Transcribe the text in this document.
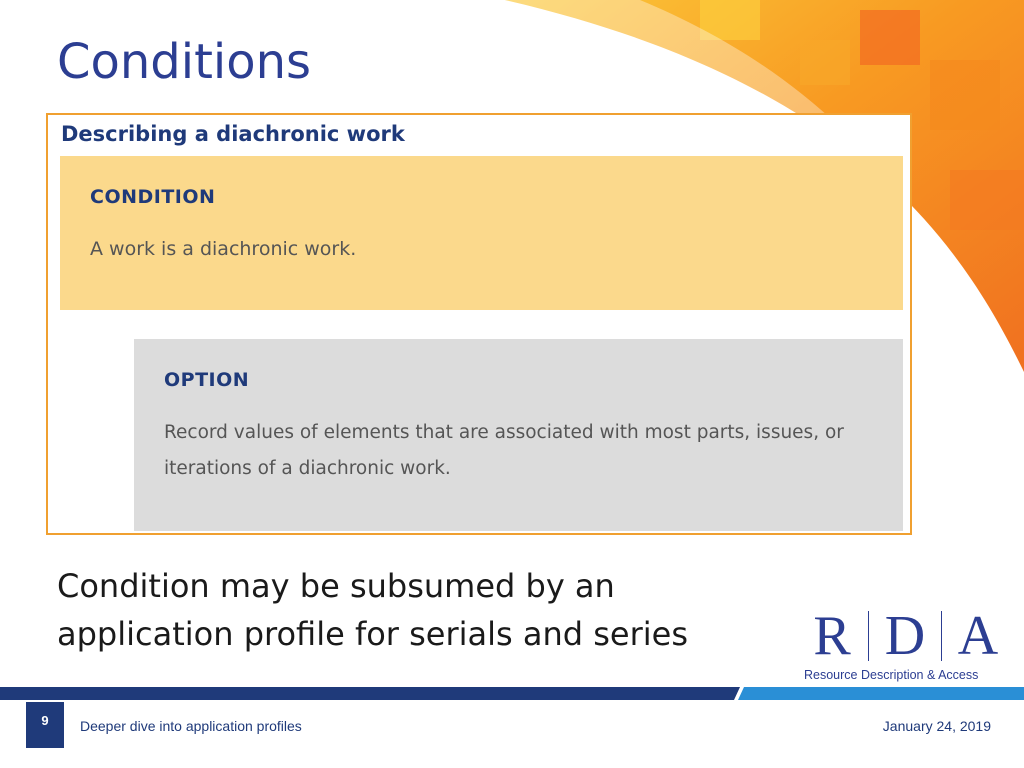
Conditions
Describing a diachronic work

CONDITION

A work is a diachronic work.

OPTION

Record values of elements that are associated with most parts, issues, or iterations of a diachronic work.

Condition may be subsumed by an application profile for serials and series	R D A

Resource Description & Access

9	Deeper dive into application profiles	January 24, 2019
